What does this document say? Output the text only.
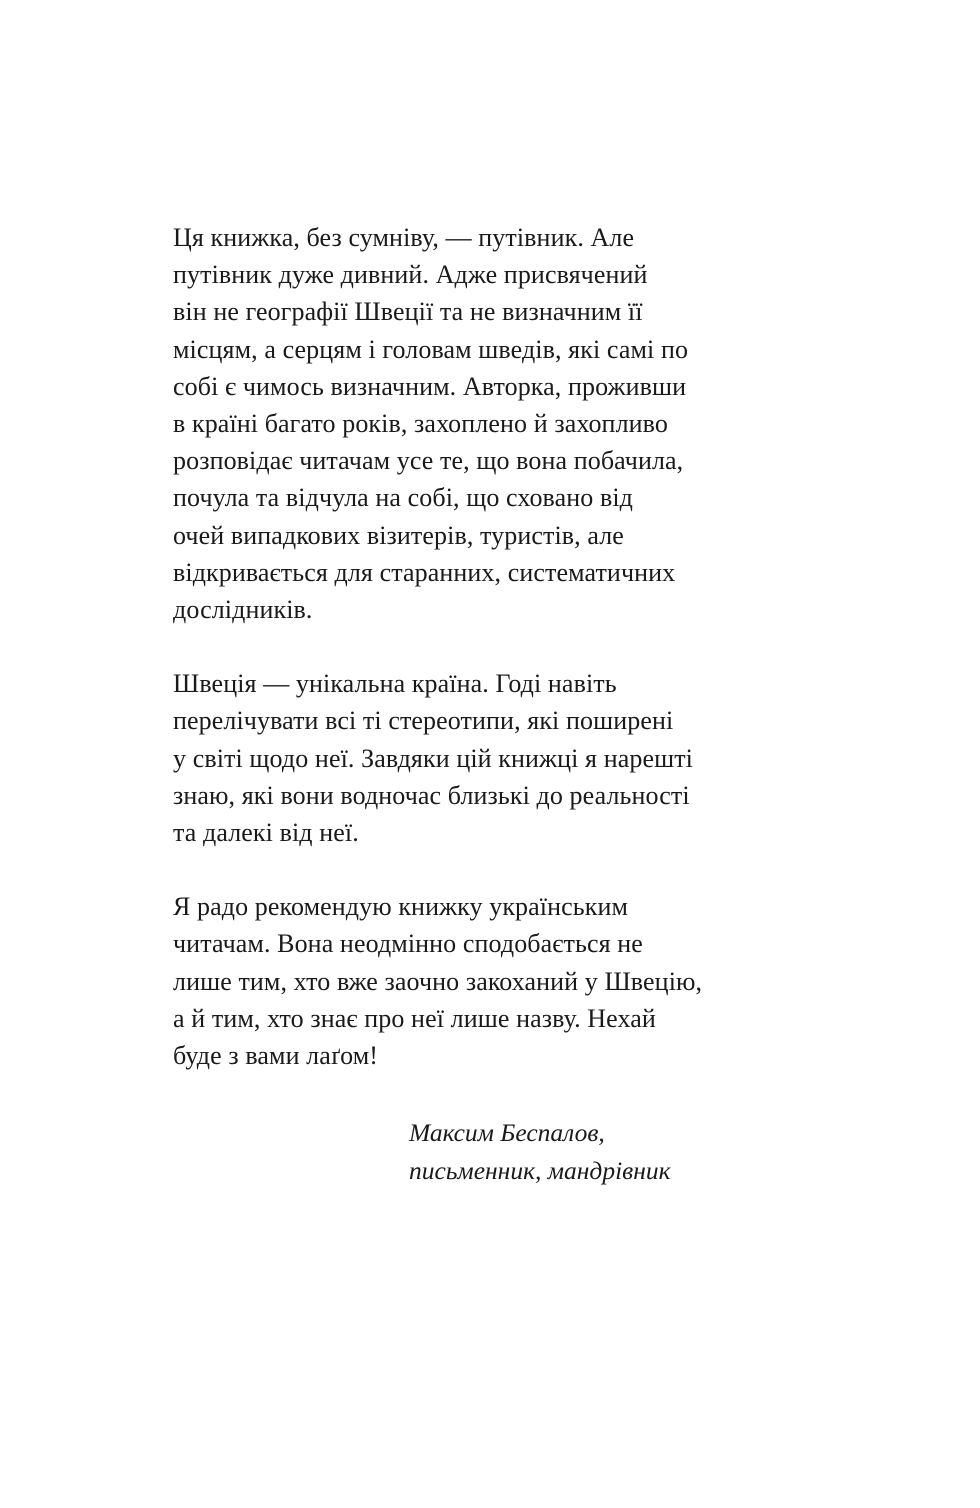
Ця книжка, без сумніву, — путівник. Але
путівник дуже дивний. Адже присвячений
він не географії Швеції та не визначним її
місцям, а серцям і головам шведів, які самі по
собі є чимось визначним. Авторка, проживши
в країні багато років, захоплено й захопливо
розповідає читачам усе те, що вона побачила,
почула та відчула на собі, що сховано від
очей випадкових візитерів, туристів, але
відкривається для старанних, систематичних
дослідників.

Швеція — унікальна країна. Годі навіть
перелічувати всі ті стереотипи, які поширені
у світі щодо неї. Завдяки цій книжці я нарешті
знаю, які вони водночас близькі до реальності
та далекі від неї.

Я радо рекомендую книжку українським
читачам. Вона неодмінно сподобається не
лише тим, хто вже заочно закоханий у Швецію,
а й тим, хто знає про неї лише назву. Нехай
буде з вами лаґом!

Максим Беспалов,
письменник, мандрівник
